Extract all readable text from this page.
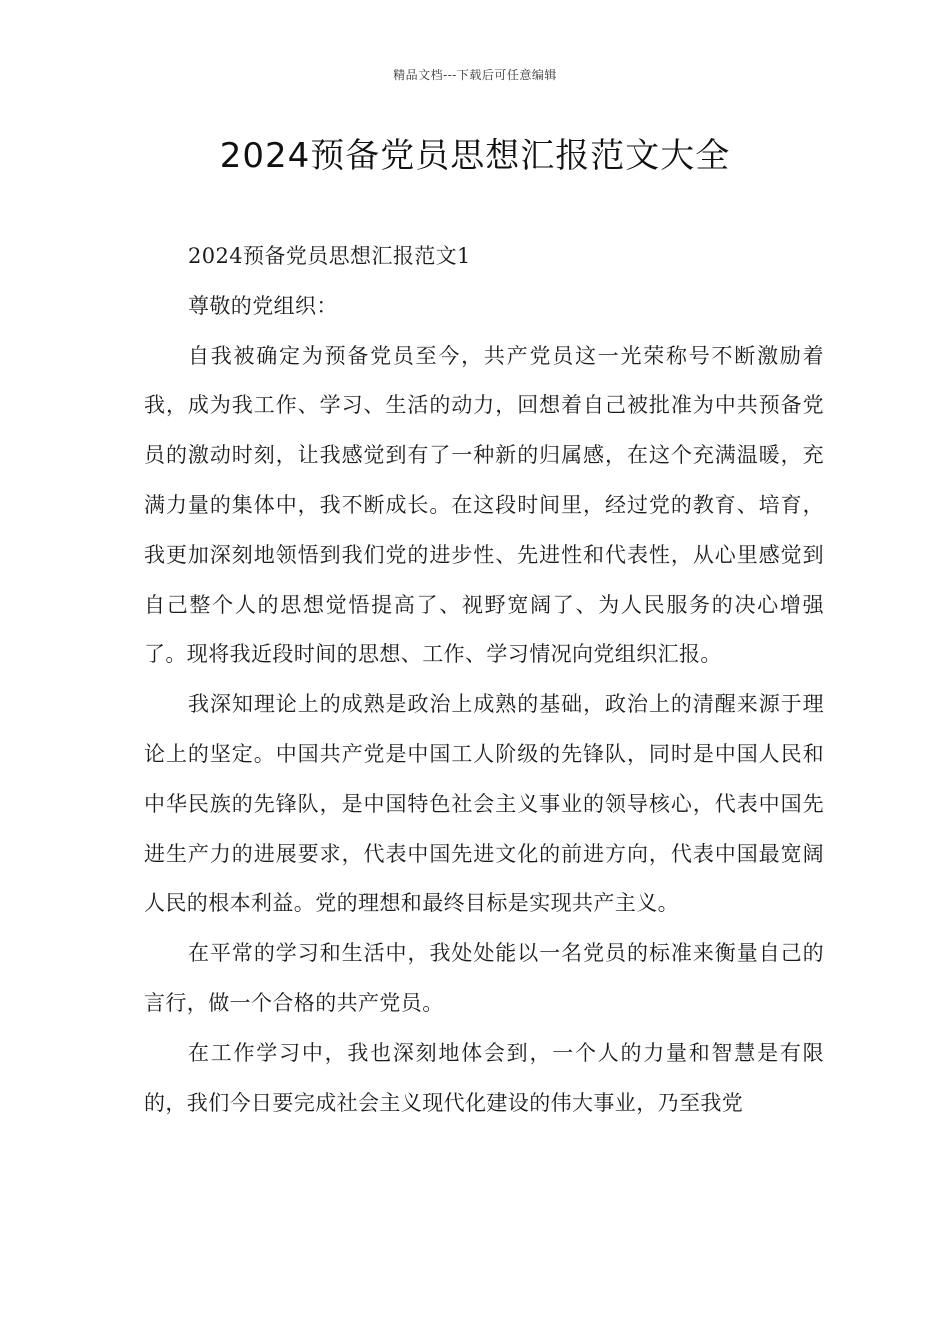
精品文档---下载后可任意编辑
2024预备党员思想汇报范文大全

2024预备党员思想汇报范文1

尊敬的党组织：

自我被确定为预备党员至今，共产党员这一光荣称号不断激励着我，成为我工作、学习、生活的动力，回想着自己被批准为中共预备党员的激动时刻，让我感觉到有了一种新的归属感，在这个充满温暖，充满力量的集体中，我不断成长。在这段时间里，经过党的教育、培育，我更加深刻地领悟到我们党的进步性、先进性和代表性，从心里感觉到自己整个人的思想觉悟提高了、视野宽阔了、为人民服务的决心增强了。现将我近段时间的思想、工作、学习情况向党组织汇报。

我深知理论上的成熟是政治上成熟的基础，政治上的清醒来源于理论上的坚定。中国共产党是中国工人阶级的先锋队，同时是中国人民和中华民族的先锋队，是中国特色社会主义事业的领导核心，代表中国先进生产力的进展要求，代表中国先进文化的前进方向，代表中国最宽阔人民的根本利益。党的理想和最终目标是实现共产主义。

在平常的学习和生活中，我处处能以一名党员的标准来衡量自己的言行，做一个合格的共产党员。

在工作学习中，我也深刻地体会到，一个人的力量和智慧是有限的，我们今日要完成社会主义现代化建设的伟大事业，乃至我党
